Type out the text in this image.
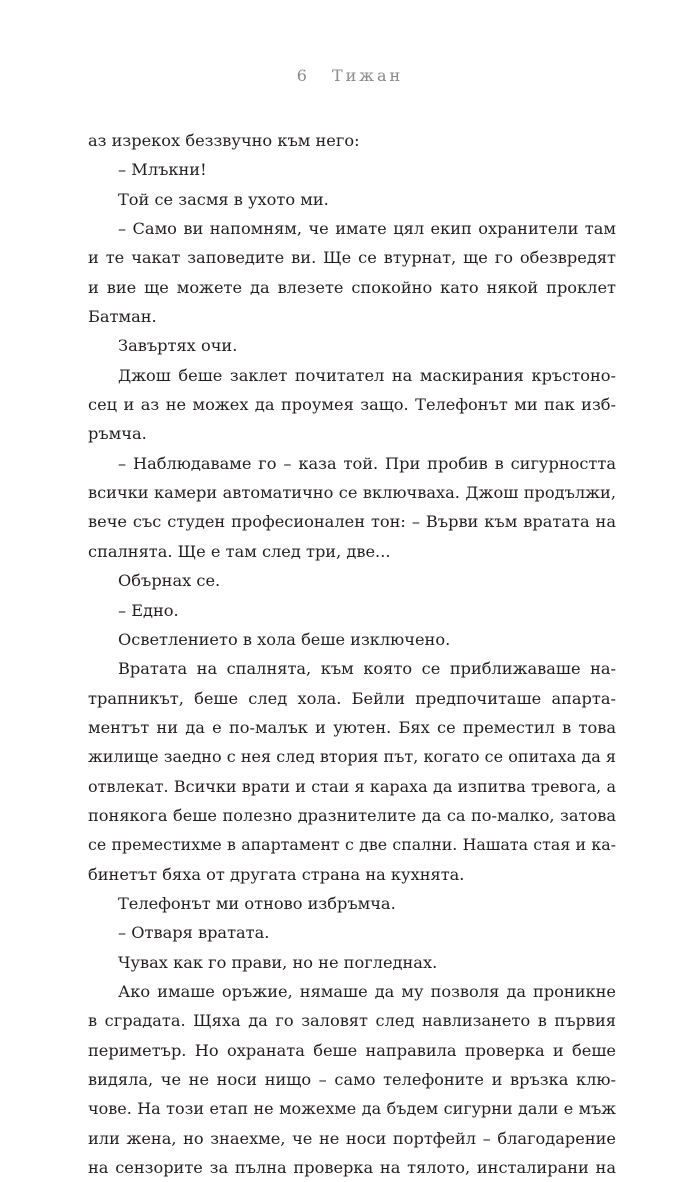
6 Тижан
аз изрекох беззвучно към него:
– Млъкни!
Той се засмя в ухото ми.
– Само ви напомням, че имате цял екип охранители там
и те чакат заповедите ви. Ще се втурнат, ще го обезвредят
и вие ще можете да влезете спокойно като някой проклет
Батман.
Завъртях очи.
Джош беше заклет почитател на маскирания кръстоно-
сец и аз не можех да проумея защо. Телефонът ми пак изб-
ръмча.
– Наблюдаваме го – каза той. При пробив в сигурността
всички камери автоматично се включваха. Джош продължи,
вече със студен професионален тон: – Върви към вратата на
спалнята. Ще е там след три, две...
Обърнах се.
– Едно.
Осветлението в хола беше изключено.
Вратата на спалнята, към която се приближаваше на-
трапникът, беше след хола. Бейли предпочиташе апарта-
ментът ни да е по-малък и уютен. Бях се преместил в това
жилище заедно с нея след втория път, когато се опитаха да я
отвлекат. Всички врати и стаи я караха да изпитва тревога, а
понякога беше полезно дразнителите да са по-малко, затова
се преместихме в апартамент с две спални. Нашата стая и ка-
бинетът бяха от другата страна на кухнята.
Телефонът ми отново избръмча.
– Отваря вратата.
Чувах как го прави, но не погледнах.
Ако имаше оръжие, нямаше да му позволя да проникне
в сградата. Щяха да го заловят след навлизането в първия
периметър. Но охраната беше направила проверка и беше
видяла, че не носи нищо – само телефоните и връзка клю-
чове. На този етап не можехме да бъдем сигурни дали е мъж
или жена, но знаехме, че не носи портфейл – благодарение
на сензорите за пълна проверка на тялото, инсталирани на
